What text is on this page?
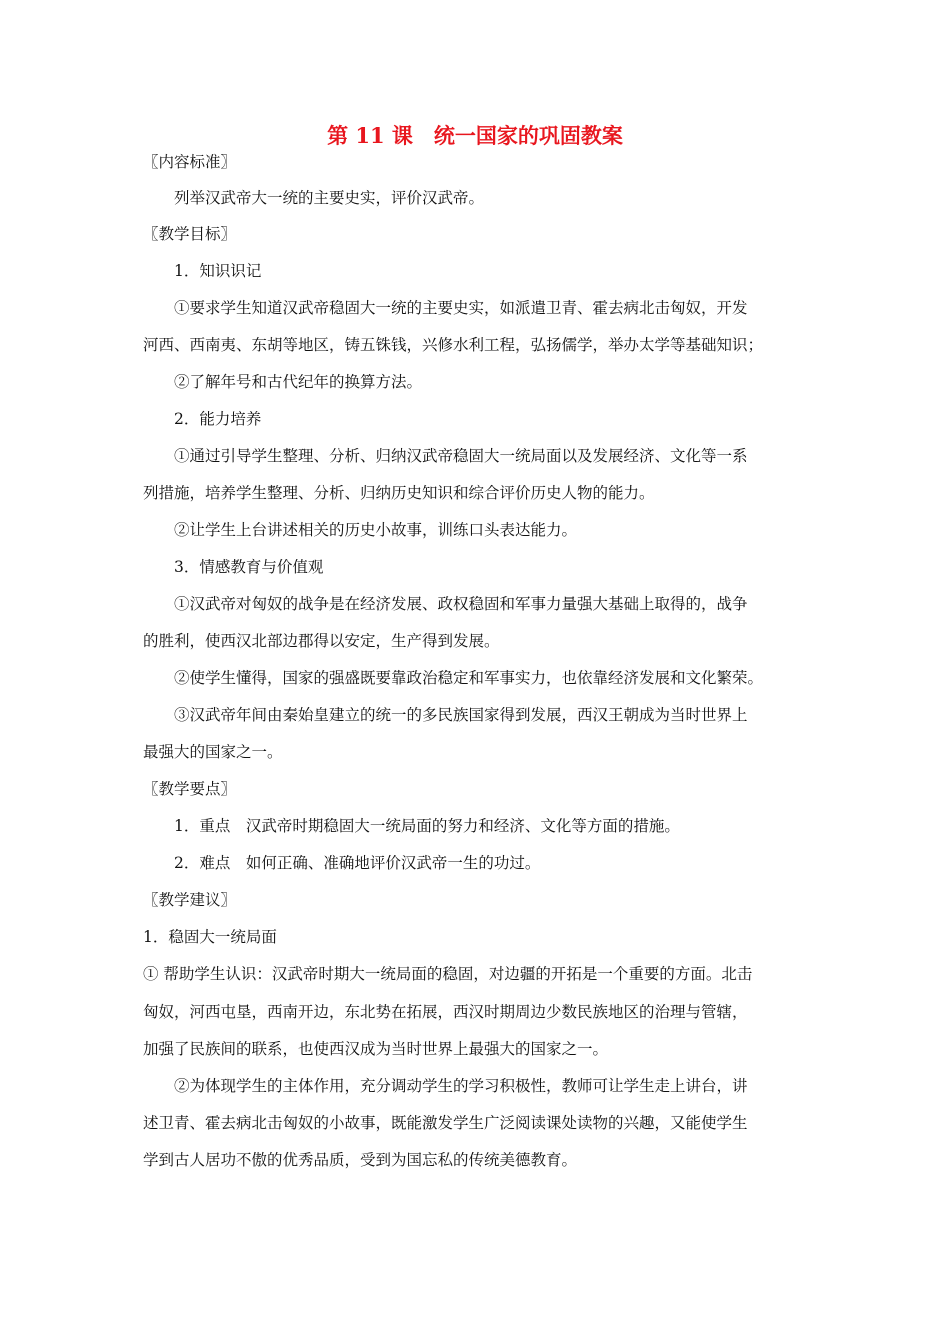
第 11 课　统一国家的巩固教案
〖内容标准〗
列举汉武帝大一统的主要史实，评价汉武帝。
〖教学目标〗
1．知识识记
①要求学生知道汉武帝稳固大一统的主要史实，如派遣卫青、霍去病北击匈奴，开发
河西、西南夷、东胡等地区，铸五铢钱，兴修水利工程，弘扬儒学，举办太学等基础知识；
②了解年号和古代纪年的换算方法。
2．能力培养
①通过引导学生整理、分析、归纳汉武帝稳固大一统局面以及发展经济、文化等一系
列措施，培养学生整理、分析、归纳历史知识和综合评价历史人物的能力。
②让学生上台讲述相关的历史小故事，训练口头表达能力。
3．情感教育与价值观
①汉武帝对匈奴的战争是在经济发展、政权稳固和军事力量强大基础上取得的，战争
的胜利，使西汉北部边郡得以安定，生产得到发展。
②使学生懂得，国家的强盛既要靠政治稳定和军事实力，也依靠经济发展和文化繁荣。
③汉武帝年间由秦始皇建立的统一的多民族国家得到发展，西汉王朝成为当时世界上
最强大的国家之一。
〖教学要点〗
1．重点　汉武帝时期稳固大一统局面的努力和经济、文化等方面的措施。
2．难点　如何正确、准确地评价汉武帝一生的功过。
〖教学建议〗
1．稳固大一统局面
① 帮助学生认识：汉武帝时期大一统局面的稳固，对边疆的开拓是一个重要的方面。北击
匈奴，河西屯垦，西南开边，东北势在拓展，西汉时期周边少数民族地区的治理与管辖，
加强了民族间的联系，也使西汉成为当时世界上最强大的国家之一。
②为体现学生的主体作用，充分调动学生的学习积极性，教师可让学生走上讲台，讲
述卫青、霍去病北击匈奴的小故事，既能激发学生广泛阅读课处读物的兴趣，又能使学生
学到古人居功不傲的优秀品质，受到为国忘私的传统美德教育。
